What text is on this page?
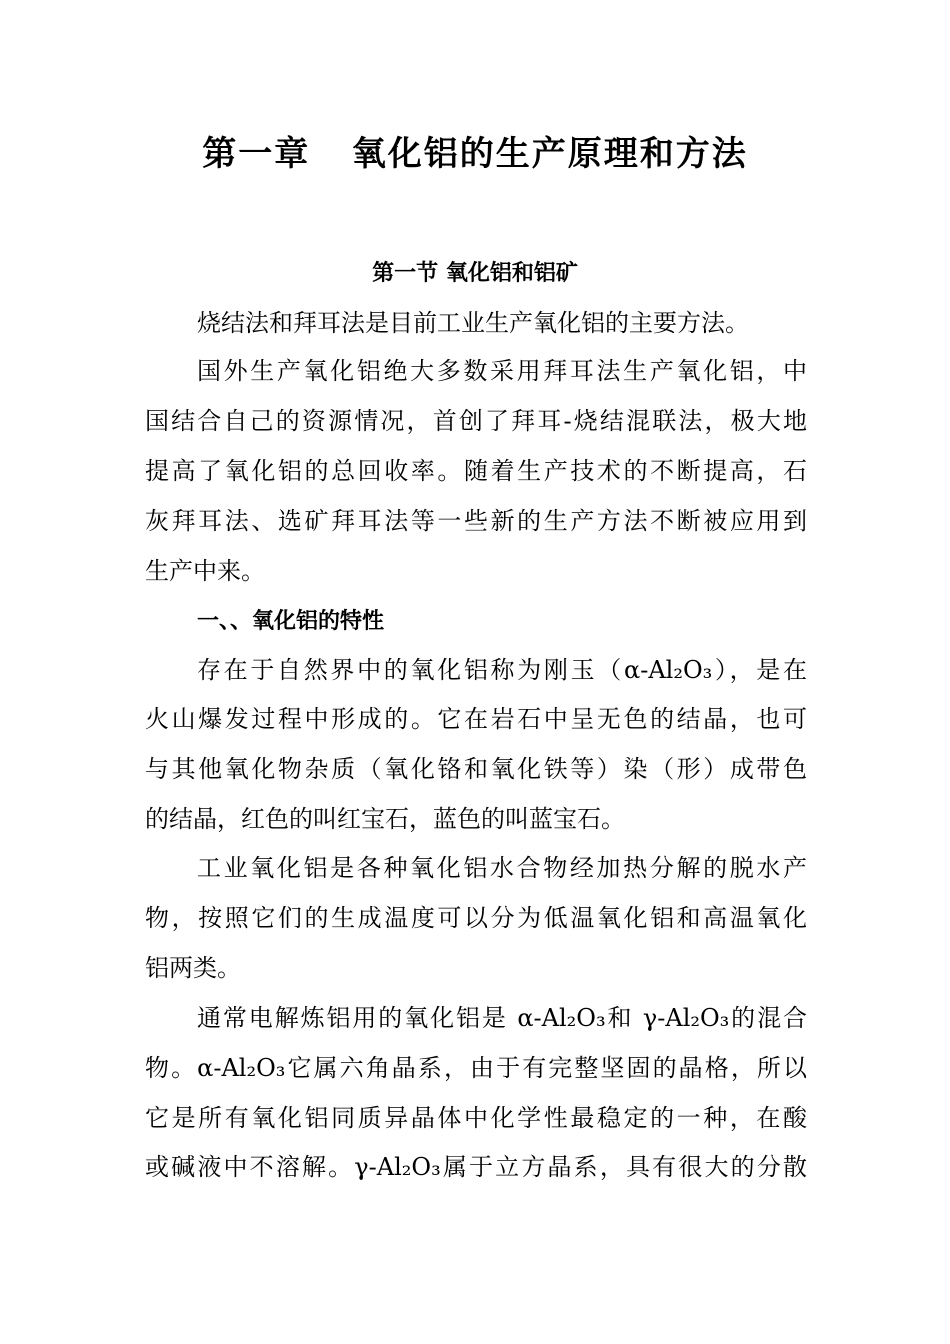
第一章   氧化铝的生产原理和方法
第一节 氧化铝和铝矿
烧结法和拜耳法是目前工业生产氧化铝的主要方法。
国外生产氧化铝绝大多数采用拜耳法生产氧化铝，中
国结合自己的资源情况，首创了拜耳-烧结混联法，极大地
提高了氧化铝的总回收率。随着生产技术的不断提高，石
灰拜耳法、选矿拜耳法等一些新的生产方法不断被应用到
生产中来。
一、、氧化铝的特性
存在于自然界中的氧化铝称为刚玉（α-Al₂O₃），是在
火山爆发过程中形成的。它在岩石中呈无色的结晶，也可
与其他氧化物杂质（氧化铬和氧化铁等）染（形）成带色
的结晶，红色的叫红宝石，蓝色的叫蓝宝石。
工业氧化铝是各种氧化铝水合物经加热分解的脱水产
物，按照它们的生成温度可以分为低温氧化铝和高温氧化
铝两类。
通常电解炼铝用的氧化铝是 α-Al₂O₃和 γ-Al₂O₃的混合
物。α-Al₂O₃它属六角晶系，由于有完整坚固的晶格，所以
它是所有氧化铝同质异晶体中化学性最稳定的一种，在酸
或碱液中不溶解。γ-Al₂O₃属于立方晶系，具有很大的分散
